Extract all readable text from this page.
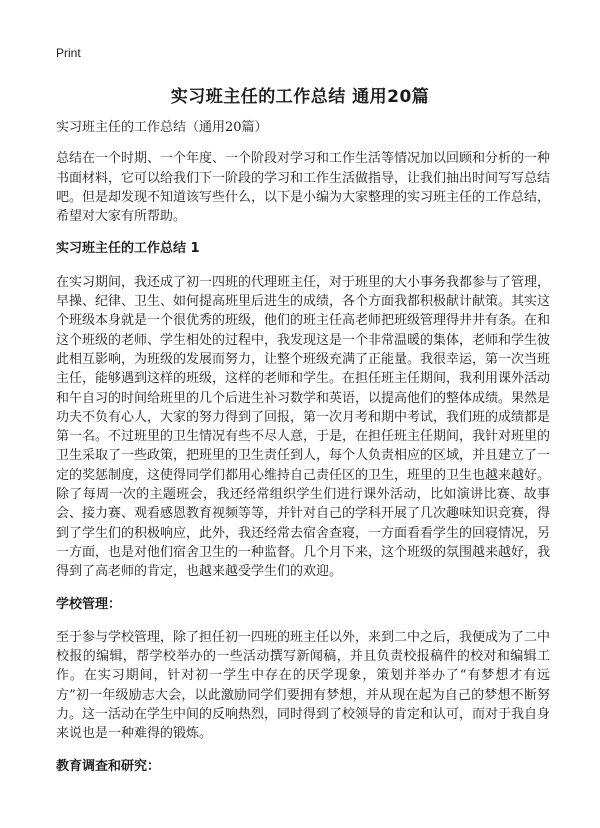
Print
实习班主任的工作总结 通用20篇

实习班主任的工作总结（通用20篇）

总结在一个时期、一个年度、一个阶段对学习和工作生活等情况加以回顾和分析的一种书面材料，它可以给我们下一阶段的学习和工作生活做指导，让我们抽出时间写写总结吧。但是却发现不知道该写些什么，以下是小编为大家整理的实习班主任的工作总结，希望对大家有所帮助。

实习班主任的工作总结 1

在实习期间，我还成了初一四班的代理班主任，对于班里的大小事务我都参与了管理，早操、纪律、卫生、如何提高班里后进生的成绩，各个方面我都积极献计献策。其实这个班级本身就是一个很优秀的班级，他们的班主任高老师把班级管理得井井有条。在和这个班级的老师、学生相处的过程中，我发现这是一个非常温暖的集体，老师和学生彼此相互影响，为班级的发展而努力，让整个班级充满了正能量。我很幸运，第一次当班主任，能够遇到这样的班级，这样的老师和学生。在担任班主任期间，我利用课外活动和午自习的时间给班里的几个后进生补习数学和英语，以提高他们的整体成绩。果然是功夫不负有心人，大家的努力得到了回报，第一次月考和期中考试，我们班的成绩都是第一名。不过班里的卫生情况有些不尽人意，于是，在担任班主任期间，我针对班里的卫生采取了一些政策，把班里的卫生责任到人，每个人负责相应的区域，并且建立了一定的奖惩制度，这使得同学们都用心维持自己责任区的卫生，班里的卫生也越来越好。除了每周一次的主题班会，我还经常组织学生们进行课外活动，比如演讲比赛、故事会、接力赛、观看感恩教育视频等等，并针对自己的学科开展了几次趣味知识竞赛，得到了学生们的积极响应，此外，我还经常去宿舍查寝，一方面看看学生的回寝情况，另一方面，也是对他们宿舍卫生的一种监督。几个月下来，这个班级的氛围越来越好，我得到了高老师的肯定，也越来越受学生们的欢迎。

学校管理：

至于参与学校管理，除了担任初一四班的班主任以外，来到二中之后，我便成为了二中校报的编辑，帮学校举办的一些活动撰写新闻稿，并且负责校报稿件的校对和编辑工作。在实习期间，针对初一学生中存在的厌学现象，策划并举办了“有梦想才有远方”初一年级励志大会，以此激励同学们要拥有梦想，并从现在起为自己的梦想不断努力。这一活动在学生中间的反响热烈，同时得到了校领导的肯定和认可，而对于我自身来说也是一种难得的锻炼。

教育调查和研究：
